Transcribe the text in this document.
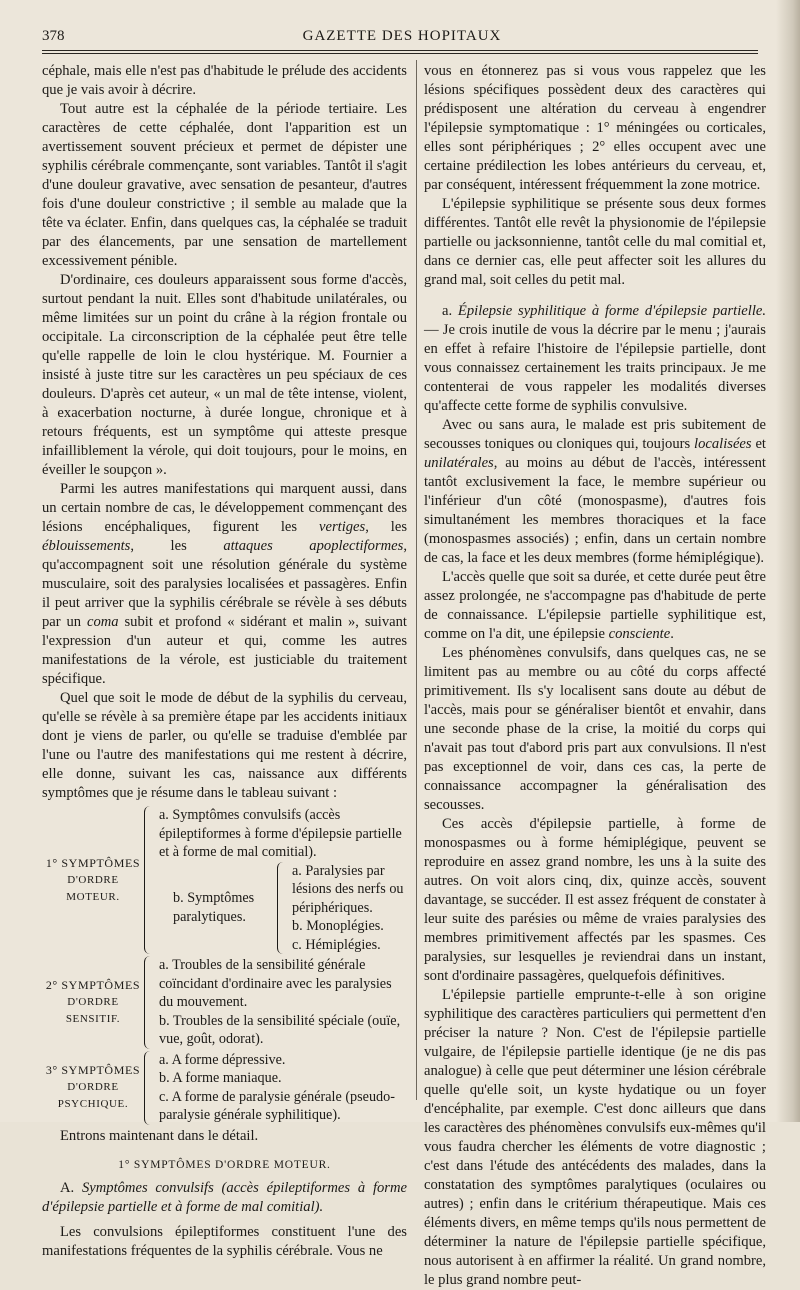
378	GAZETTE DES HOPITAUX

céphale, mais elle n'est pas d'habitude le prélude des accidents que je vais avoir à décrire.

Tout autre est la céphalée de la période tertiaire. Les caractères de cette céphalée, dont l'apparition est un avertissement souvent précieux et permet de dépister une syphilis cérébrale commençante, sont variables. Tantôt il s'agit d'une douleur gravative, avec sensation de pesanteur, d'autres fois d'une douleur constrictive ; il semble au malade que la tête va éclater. Enfin, dans quelques cas, la céphalée se traduit par des élancements, par une sensation de martellement excessivement pénible.

D'ordinaire, ces douleurs apparaissent sous forme d'accès, surtout pendant la nuit. Elles sont d'habitude unilatérales, ou même limitées sur un point du crâne à la région frontale ou occipitale. La circonscription de la céphalée peut être telle qu'elle rappelle de loin le clou hystérique. M. Fournier a insisté à juste titre sur les caractères un peu spéciaux de ces douleurs. D'après cet auteur, « un mal de tête intense, violent, à exacerbation nocturne, à durée longue, chronique et à retours fréquents, est un symptôme qui atteste presque infailliblement la vérole, qui doit toujours, pour le moins, en éveiller le soupçon ».

Parmi les autres manifestations qui marquent aussi, dans un certain nombre de cas, le développement commençant des lésions encéphaliques, figurent les vertiges, les éblouissements, les attaques apoplectiformes, qu'accompagnent soit une résolution générale du système musculaire, soit des paralysies localisées et passagères. Enfin il peut arriver que la syphilis cérébrale se révèle à ses débuts par un coma subit et profond « sidérant et malin », suivant l'expression d'un auteur et qui, comme les autres manifestations de la vérole, est justiciable du traitement spécifique.

Quel que soit le mode de début de la syphilis du cerveau, qu'elle se révèle à sa première étape par les accidents initiaux dont je viens de parler, ou qu'elle se traduise d'emblée par l'une ou l'autre des manifestations qui me restent à décrire, elle donne, suivant les cas, naissance aux différents symptômes que je résume dans le tableau suivant :

1° SYMPTÔMES
D'ORDRE
MOTEUR.
a. Symptômes convulsifs (accès épileptiformes à forme d'épilepsie partielle et à forme de mal comitial).
b. Symptômes
paralytiques.
a. Paralysies par lésions des nerfs ou périphériques.
b. Monoplégies.
c. Hémiplégies.
2° SYMPTÔMES
D'ORDRE
SENSITIF.
a. Troubles de la sensibilité générale coïncidant d'ordinaire avec les paralysies du mouvement.
b. Troubles de la sensibilité spéciale (ouïe, vue, goût, odorat).
3° SYMPTÔMES
D'ORDRE
PSYCHIQUE.
a. A forme dépressive.
b. A forme maniaque.
c. A forme de paralysie générale (pseudo-paralysie générale syphilitique).

Entrons maintenant dans le détail.

1° SYMPTÔMES D'ORDRE MOTEUR.

A. Symptômes convulsifs (accès épileptiformes à forme d'épilepsie partielle et à forme de mal comitial).

Les convulsions épileptiformes constituent l'une des manifestations fréquentes de la syphilis cérébrale. Vous ne

vous en étonnerez pas si vous vous rappelez que les lésions spécifiques possèdent deux des caractères qui prédisposent une altération du cerveau à engendrer l'épilepsie symptomatique : 1° méningées ou corticales, elles sont périphériques ; 2° elles occupent avec une certaine prédilection les lobes antérieurs du cerveau, et, par conséquent, intéressent fréquemment la zone motrice.

L'épilepsie syphilitique se présente sous deux formes différentes. Tantôt elle revêt la physionomie de l'épilepsie partielle ou jacksonnienne, tantôt celle du mal comitial et, dans ce dernier cas, elle peut affecter soit les allures du grand mal, soit celles du petit mal.

a. Épilepsie syphilitique à forme d'épilepsie partielle. — Je crois inutile de vous la décrire par le menu ; j'aurais en effet à refaire l'histoire de l'épilepsie partielle, dont vous connaissez certainement les traits principaux. Je me contenterai de vous rappeler les modalités diverses qu'affecte cette forme de syphilis convulsive.

Avec ou sans aura, le malade est pris subitement de secousses toniques ou cloniques qui, toujours localisées et unilatérales, au moins au début de l'accès, intéressent tantôt exclusivement la face, le membre supérieur ou l'inférieur d'un côté (monospasme), d'autres fois simultanément les membres thoraciques et la face (monospasmes associés) ; enfin, dans un certain nombre de cas, la face et les deux membres (forme hémiplégique).

L'accès quelle que soit sa durée, et cette durée peut être assez prolongée, ne s'accompagne pas d'habitude de perte de connaissance. L'épilepsie partielle syphilitique est, comme on l'a dit, une épilepsie consciente.

Les phénomènes convulsifs, dans quelques cas, ne se limitent pas au membre ou au côté du corps affecté primitivement. Ils s'y localisent sans doute au début de l'accès, mais pour se généraliser bientôt et envahir, dans une seconde phase de la crise, la moitié du corps qui n'avait pas tout d'abord pris part aux convulsions. Il n'est pas exceptionnel de voir, dans ces cas, la perte de connaissance accompagner la généralisation des secousses.

Ces accès d'épilepsie partielle, à forme de monospasmes ou à forme hémiplégique, peuvent se reproduire en assez grand nombre, les uns à la suite des autres. On voit alors cinq, dix, quinze accès, souvent davantage, se succéder. Il est assez fréquent de constater à leur suite des parésies ou même de vraies paralysies des membres primitivement affectés par les spasmes. Ces paralysies, sur lesquelles je reviendrai dans un instant, sont d'ordinaire passagères, quelquefois définitives.

L'épilepsie partielle emprunte-t-elle à son origine syphilitique des caractères particuliers qui permettent d'en préciser la nature ? Non. C'est de l'épilepsie partielle vulgaire, de l'épilepsie partielle identique (je ne dis pas analogue) à celle que peut déterminer une lésion cérébrale quelle qu'elle soit, un kyste hydatique ou un foyer d'encéphalite, par exemple. C'est donc ailleurs que dans les caractères des phénomènes convulsifs eux-mêmes qu'il vous faudra chercher les éléments de votre diagnostic ; c'est dans l'étude des antécédents des malades, dans la constatation des symptômes paralytiques (oculaires ou autres) ; enfin dans le critérium thérapeutique. Mais ces éléments divers, en même temps qu'ils nous permettent de déterminer la nature de l'épilepsie partielle spécifique, nous autorisent à en affirmer la réalité. Un grand nombre, le plus grand nombre peut-
